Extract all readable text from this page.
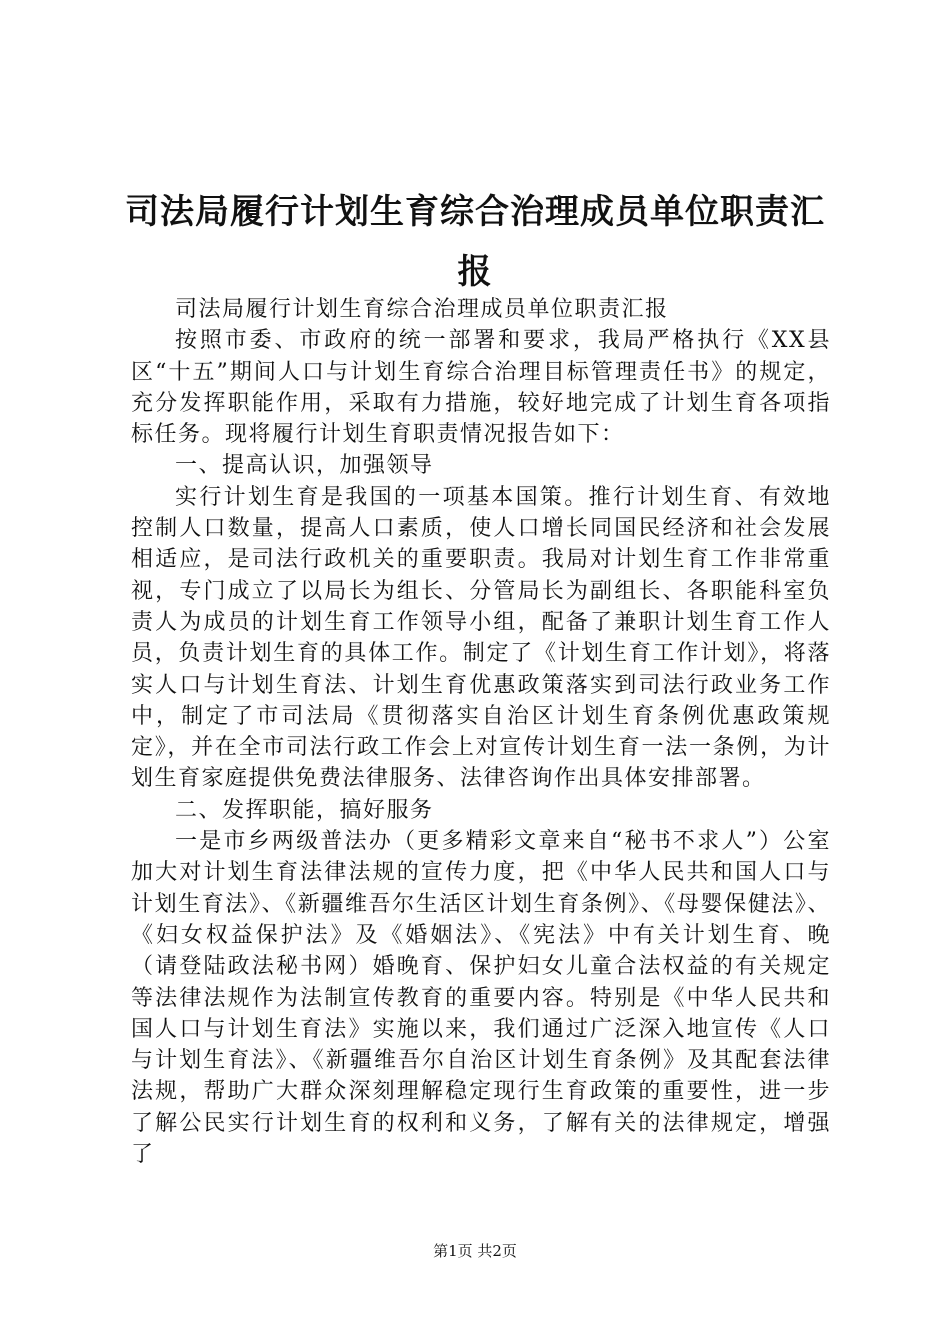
司法局履行计划生育综合治理成员单位职责汇报

司法局履行计划生育综合治理成员单位职责汇报

按照市委、市政府的统一部署和要求，我局严格执行《XX县区“十五”期间人口与计划生育综合治理目标管理责任书》的规定，充分发挥职能作用，采取有力措施，较好地完成了计划生育各项指标任务。现将履行计划生育职责情况报告如下：

一、提高认识，加强领导

实行计划生育是我国的一项基本国策。推行计划生育、有效地控制人口数量，提高人口素质，使人口增长同国民经济和社会发展相适应，是司法行政机关的重要职责。我局对计划生育工作非常重视，专门成立了以局长为组长、分管局长为副组长、各职能科室负责人为成员的计划生育工作领导小组，配备了兼职计划生育工作人员，负责计划生育的具体工作。制定了《计划生育工作计划》，将落实人口与计划生育法、计划生育优惠政策落实到司法行政业务工作中，制定了市司法局《贯彻落实自治区计划生育条例优惠政策规定》，并在全市司法行政工作会上对宣传计划生育一法一条例，为计划生育家庭提供免费法律服务、法律咨询作出具体安排部署。

二、发挥职能，搞好服务

一是市乡两级普法办（更多精彩文章来自“秘书不求人”）公室加大对计划生育法律法规的宣传力度，把《中华人民共和国人口与计划生育法》、《新疆维吾尔生活区计划生育条例》、《母婴保健法》、《妇女权益保护法》及《婚姻法》、《宪法》中有关计划生育、晚（请登陆政法秘书网）婚晚育、保护妇女儿童合法权益的有关规定等法律法规作为法制宣传教育的重要内容。特别是《中华人民共和国人口与计划生育法》实施以来，我们通过广泛深入地宣传《人口与计划生育法》、《新疆维吾尔自治区计划生育条例》及其配套法律法规，帮助广大群众深刻理解稳定现行生育政策的重要性，进一步了解公民实行计划生育的权利和义务，了解有关的法律规定，增强了

第1页 共2页
